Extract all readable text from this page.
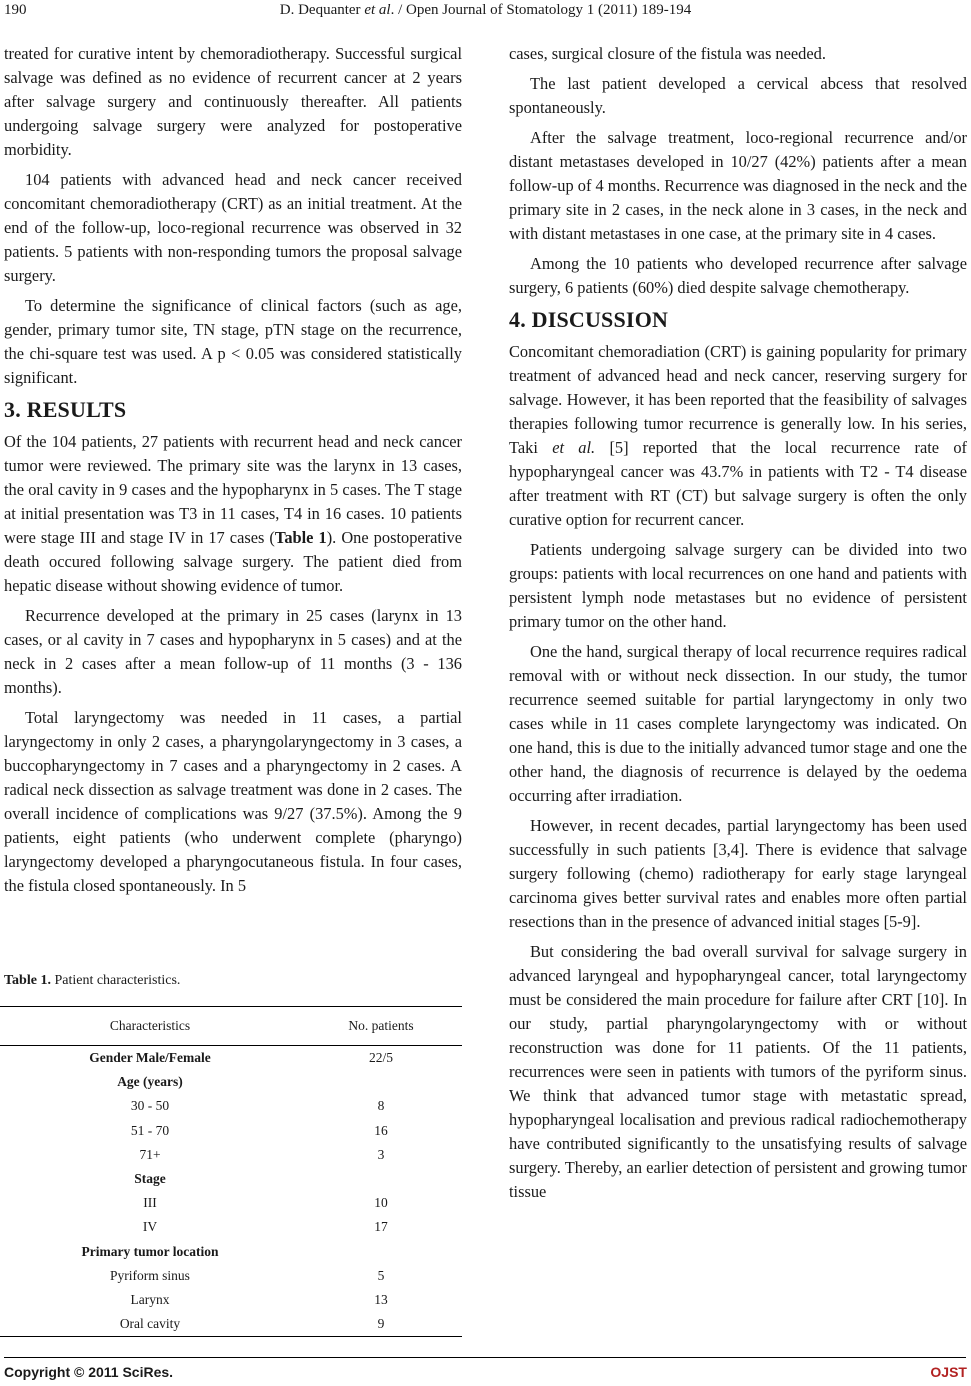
190	D. Dequanter et al. / Open Journal of Stomatology 1 (2011) 189-194

treated for curative intent by chemoradiotherapy. Successful surgical salvage was defined as no evidence of recurrent cancer at 2 years after salvage surgery and continuously thereafter. All patients undergoing salvage surgery were analyzed for postoperative morbidity.

104 patients with advanced head and neck cancer received concomitant chemoradiotherapy (CRT) as an initial treatment. At the end of the follow-up, loco-regional recurrence was observed in 32 patients. 5 patients with non-responding tumors the proposal salvage surgery.

To determine the significance of clinical factors (such as age, gender, primary tumor site, TN stage, pTN stage on the recurrence, the chi-square test was used. A p < 0.05 was considered statistically significant.

3. RESULTS

Of the 104 patients, 27 patients with recurrent head and neck cancer tumor were reviewed. The primary site was the larynx in 13 cases, the oral cavity in 9 cases and the hypopharynx in 5 cases. The T stage at initial presentation was T3 in 11 cases, T4 in 16 cases. 10 patients were stage III and stage IV in 17 cases (Table 1). One postoperative death occured following salvage surgery. The patient died from hepatic disease without showing evidence of tumor.

Recurrence developed at the primary in 25 cases (larynx in 13 cases, or al cavity in 7 cases and hypopharynx in 5 cases) and at the neck in 2 cases after a mean follow-up of 11 months (3 - 136 months).

Total laryngectomy was needed in 11 cases, a partial laryngectomy in only 2 cases, a pharyngolaryngectomy in 3 cases, a buccopharyngectomy in 7 cases and a pharyngectomy in 2 cases. A radical neck dissection as salvage treatment was done in 2 cases. The overall incidence of complications was 9/27 (37.5%). Among the 9 patients, eight patients (who underwent complete (pharyngo) laryngectomy developed a pharyngocutaneous fistula. In four cases, the fistula closed spontaneously. In 5

Table 1. Patient characteristics.
Characteristics	No. patients
Gender Male/Female	22/5
Age (years)	
30 - 50	8
51 - 70	16
71+	3
Stage	
III	10
IV	17
Primary tumor location	
Pyriform sinus	5
Larynx	13
Oral cavity	9

cases, surgical closure of the fistula was needed.

The last patient developed a cervical abcess that resolved spontaneously.

After the salvage treatment, loco-regional recurrence and/or distant metastases developed in 10/27 (42%) patients after a mean follow-up of 4 months. Recurrence was diagnosed in the neck and the primary site in 2 cases, in the neck alone in 3 cases, in the neck and with distant metastases in one case, at the primary site in 4 cases.

Among the 10 patients who developed recurrence after salvage surgery, 6 patients (60%) died despite salvage chemotherapy.

4. DISCUSSION

Concomitant chemoradiation (CRT) is gaining popularity for primary treatment of advanced head and neck cancer, reserving surgery for salvage. However, it has been reported that the feasibility of salvages therapies following tumor recurrence is generally low. In his series, Taki et al. [5] reported that the local recurrence rate of hypopharyngeal cancer was 43.7% in patients with T2 - T4 disease after treatment with RT (CT) but salvage surgery is often the only curative option for recurrent cancer.

Patients undergoing salvage surgery can be divided into two groups: patients with local recurrences on one hand and patients with persistent lymph node metastases but no evidence of persistent primary tumor on the other hand.

One the hand, surgical therapy of local recurrence requires radical removal with or without neck dissection. In our study, the tumor recurrence seemed suitable for partial laryngectomy in only two cases while in 11 cases complete laryngectomy was indicated. On one hand, this is due to the initially advanced tumor stage and one the other hand, the diagnosis of recurrence is delayed by the oedema occurring after irradiation.

However, in recent decades, partial laryngectomy has been used successfully in such patients [3,4]. There is evidence that salvage surgery following (chemo) radiotherapy for early stage laryngeal carcinoma gives better survival rates and enables more often partial resections than in the presence of advanced initial stages [5-9].

But considering the bad overall survival for salvage surgery in advanced laryngeal and hypopharyngeal cancer, total laryngectomy must be considered the main procedure for failure after CRT [10]. In our study, partial pharyngolaryngectomy with or without reconstruction was done for 11 patients. Of the 11 patients, recurrences were seen in patients with tumors of the pyriform sinus. We think that advanced tumor stage with metastatic spread, hypopharyngeal localisation and previous radical radiochemotherapy have contributed significantly to the unsatisfying results of salvage surgery. Thereby, an earlier detection of persistent and growing tumor tissue

Copyright © 2011 SciRes.	OJST
